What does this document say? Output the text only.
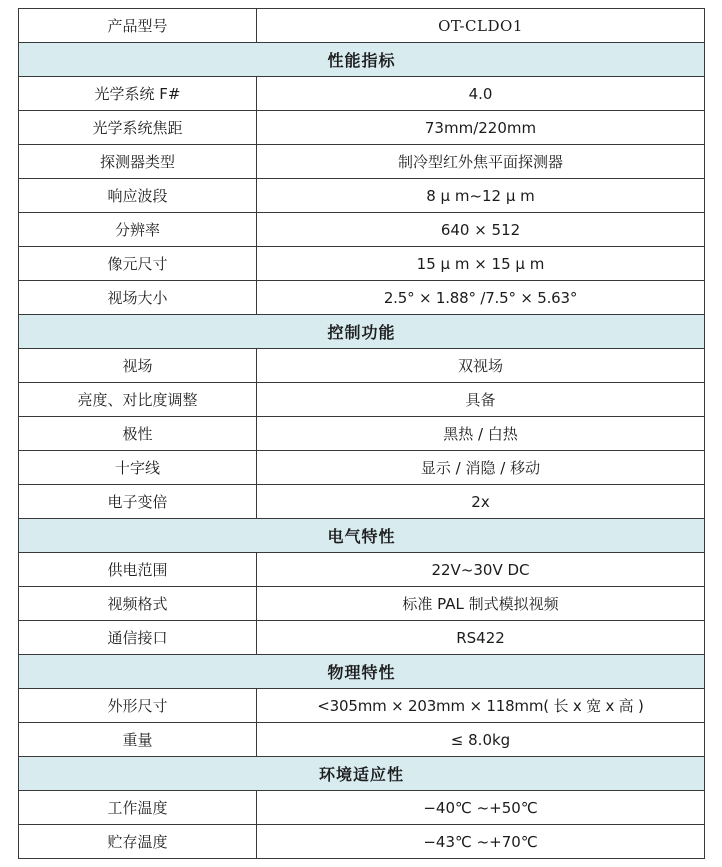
产品型号	OT-CLDO1
性能指标	
光学系统 F#	4.0
光学系统焦距	73mm/220mm
探测器类型	制冷型红外焦平面探测器
响应波段	8 μ m~12 μ m
分辨率	640 × 512
像元尺寸	15 μ m × 15 μ m
视场大小	2.5° × 1.88° /7.5° × 5.63°
控制功能	
视场	双视场
亮度、对比度调整	具备
极性	黑热 / 白热
十字线	显示 / 消隐 / 移动
电子变倍	2x
电气特性	
供电范围	22V~30V DC
视频格式	标准 PAL 制式模拟视频
通信接口	RS422
物理特性	
外形尺寸	<305mm × 203mm × 118mm( 长 x 宽 x 高 )
重量	≤ 8.0kg
环境适应性	
工作温度	−40℃ ~+50℃
贮存温度	−43℃ ~+70℃
